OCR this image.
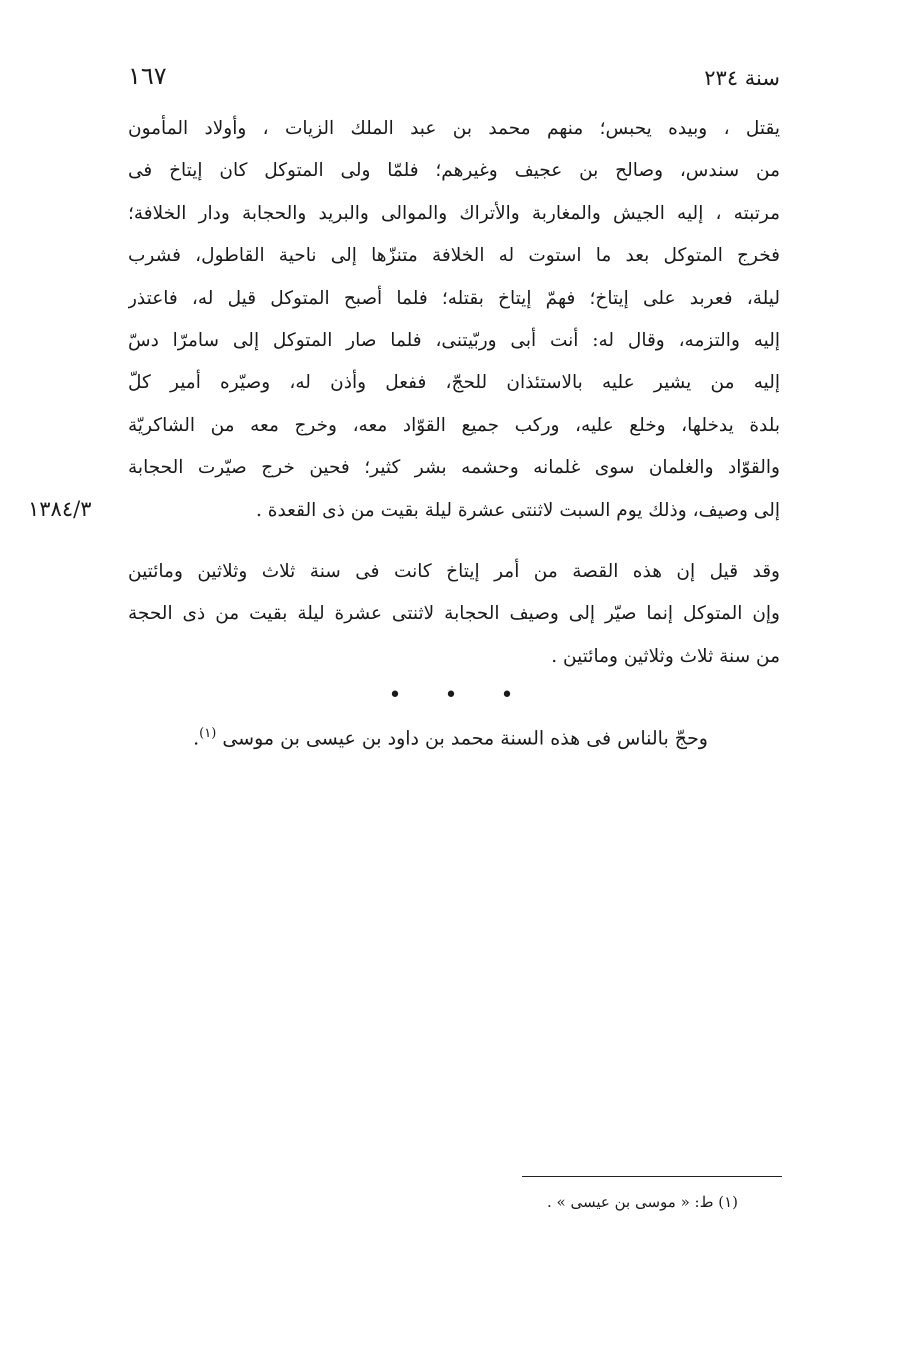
سنة ٢٣٤
١٦٧
يقتل ، وبيده يحبس؛ منهم محمد بن عبد الملك الزيات ، وأولاد المأمون
من سندس، وصالح بن عجيف وغيرهم؛ فلمّا ولى المتوكل كان إيتاخ فى
مرتبته ، إليه الجيش والمغاربة والأتراك والموالى والبريد والحجابة ودار الخلافة؛
فخرج المتوكل بعد ما استوت له الخلافة متنزّها إلى ناحية القاطول، فشرب
ليلة، فعربد على إيتاخ؛ فهمّ إيتاخ بقتله؛ فلما أصبح المتوكل قيل له، فاعتذر
إليه والتزمه، وقال له: أنت أبى وربّيتنى، فلما صار المتوكل إلى سامرّا دسّ
إليه من يشير عليه بالاستئذان للحجّ، ففعل وأذن له، وصيّره أمير كلّ
بلدة يدخلها، وخلع عليه، وركب جميع القوّاد معه، وخرج معه من الشاكريّة
والقوّاد والغلمان سوى غلمانه وحشمه بشر كثير؛ فحين خرج صيّرت الحجابة
إلى وصيف، وذلك يوم السبت لاثنتى عشرة ليلة بقيت من ذى القعدة .
١٣٨٤/٣
وقد قيل إن هذه القصة من أمر إيتاخ كانت فى سنة ثلاث وثلاثين ومائتين
وإن المتوكل إنما صيّر إلى وصيف الحجابة لاثنتى عشرة ليلة بقيت من ذى الحجة
من سنة ثلاث وثلاثين ومائتين .
• • •
وحجّ بالناس فى هذه السنة محمد بن داود بن عيسى بن موسى $^{(١)}$.
(١) ط: « موسى بن عيسى » .
